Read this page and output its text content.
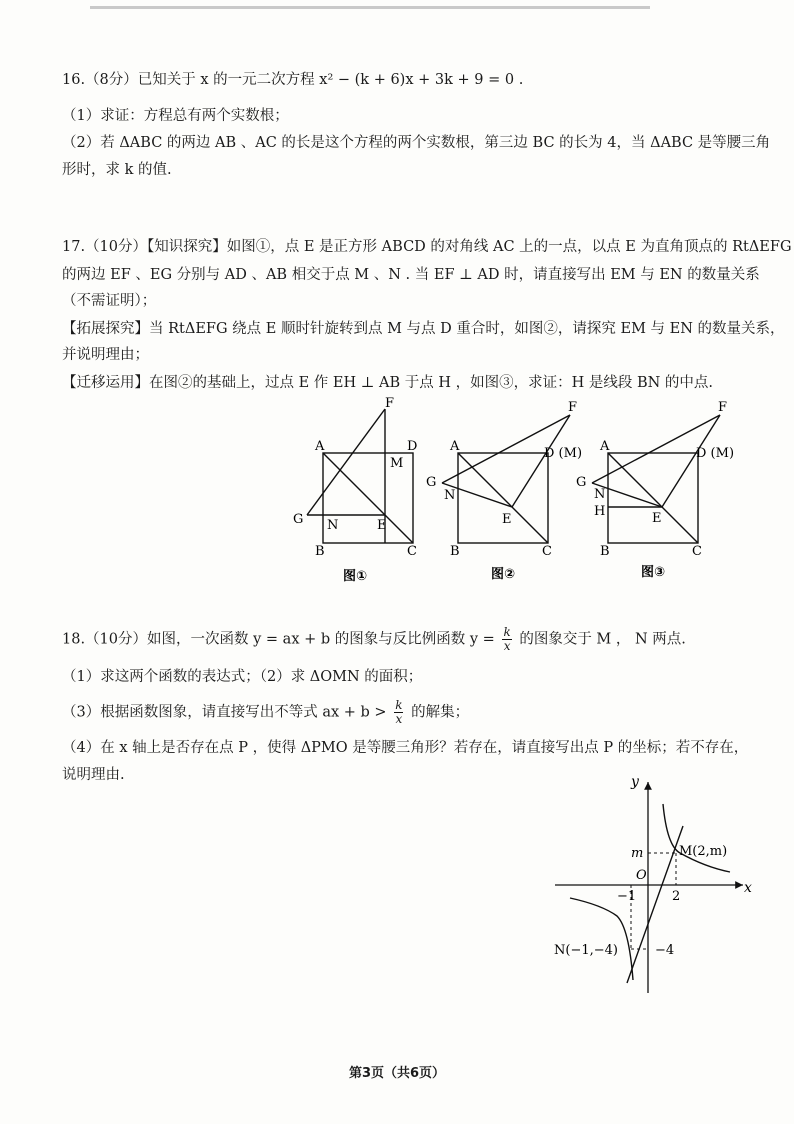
16.（8分）已知关于 x 的一元二次方程 x² − (k + 6)x + 3k + 9 = 0 .
（1）求证：方程总有两个实数根；
（2）若 ΔABC 的两边 AB 、AC 的长是这个方程的两个实数根，第三边 BC 的长为 4，当 ΔABC 是等腰三角
形时，求 k 的值.
17.（10分）【知识探究】如图①，点 E 是正方形 ABCD 的对角线 AC 上的一点，以点 E 为直角顶点的 RtΔEFG
的两边 EF 、EG 分别与 AD 、AB 相交于点 M 、N . 当 EF ⊥ AD 时，请直接写出 EM 与 EN 的数量关系
（不需证明）；
【拓展探究】当 RtΔEFG 绕点 E 顺时针旋转到点 M 与点 D 重合时，如图②，请探究 EM 与 EN 的数量关系，
并说明理由；
【迁移运用】在图②的基础上，过点 E 作 EH ⊥ AB 于点 H ，如图③，求证：H 是线段 BN 的中点.
F
A	D
M
G N	E
B	C
图①
F
A	D (M)
G
N
E
B	C
图②
F
A	D (M)
G
N
H	E
B	C
图③
18.（10分）如图，一次函数 y = ax + b 的图象与反比例函数 $y = \frac{k}{x}$ 的图象交于 M ， N 两点.
（1）求这两个函数的表达式；（2）求 ΔOMN 的面积；
（3）根据函数图象，请直接写出不等式 ax + $b > \frac{k}{x}$ 的解集；
（4）在 x 轴上是否存在点 P ，使得 ΔPMO 是等腰三角形？若存在，请直接写出点 P 的坐标；若不存在，
说明理由.	y
x
O
m	M(2,m)
−1	2
−4
N(−1,−4)
第3页（共6页）
